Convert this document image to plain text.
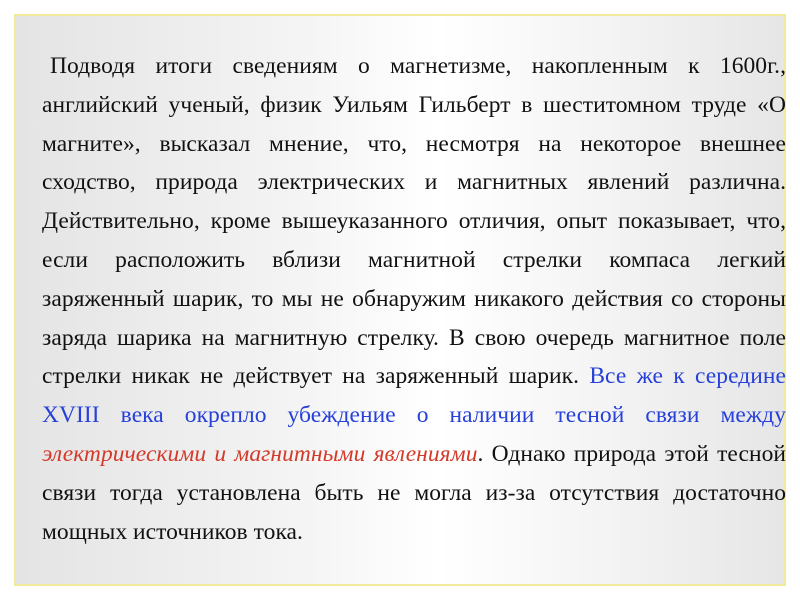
Подводя итоги сведениям о магнетизме, накопленным к 1600г., английский ученый, физик Уильям Гильберт в шеститомном труде «О магните», высказал мнение, что, несмотря на некоторое внешнее сходство, природа электрических и магнитных явлений различна. Действительно, кроме вышеуказанного отличия, опыт показывает, что, если расположить вблизи магнитной стрелки компаса легкий заряженный шарик, то мы не обнаружим никакого действия со стороны заряда шарика на магнитную стрелку. В свою очередь магнитное поле стрелки никак не действует на заряженный шарик. Все же к середине XVIII века окрепло убеждение о наличии тесной связи между электрическими и магнитными явлениями. Однако природа этой тесной связи тогда установлена быть не могла из-за отсутствия достаточно мощных источников тока.
